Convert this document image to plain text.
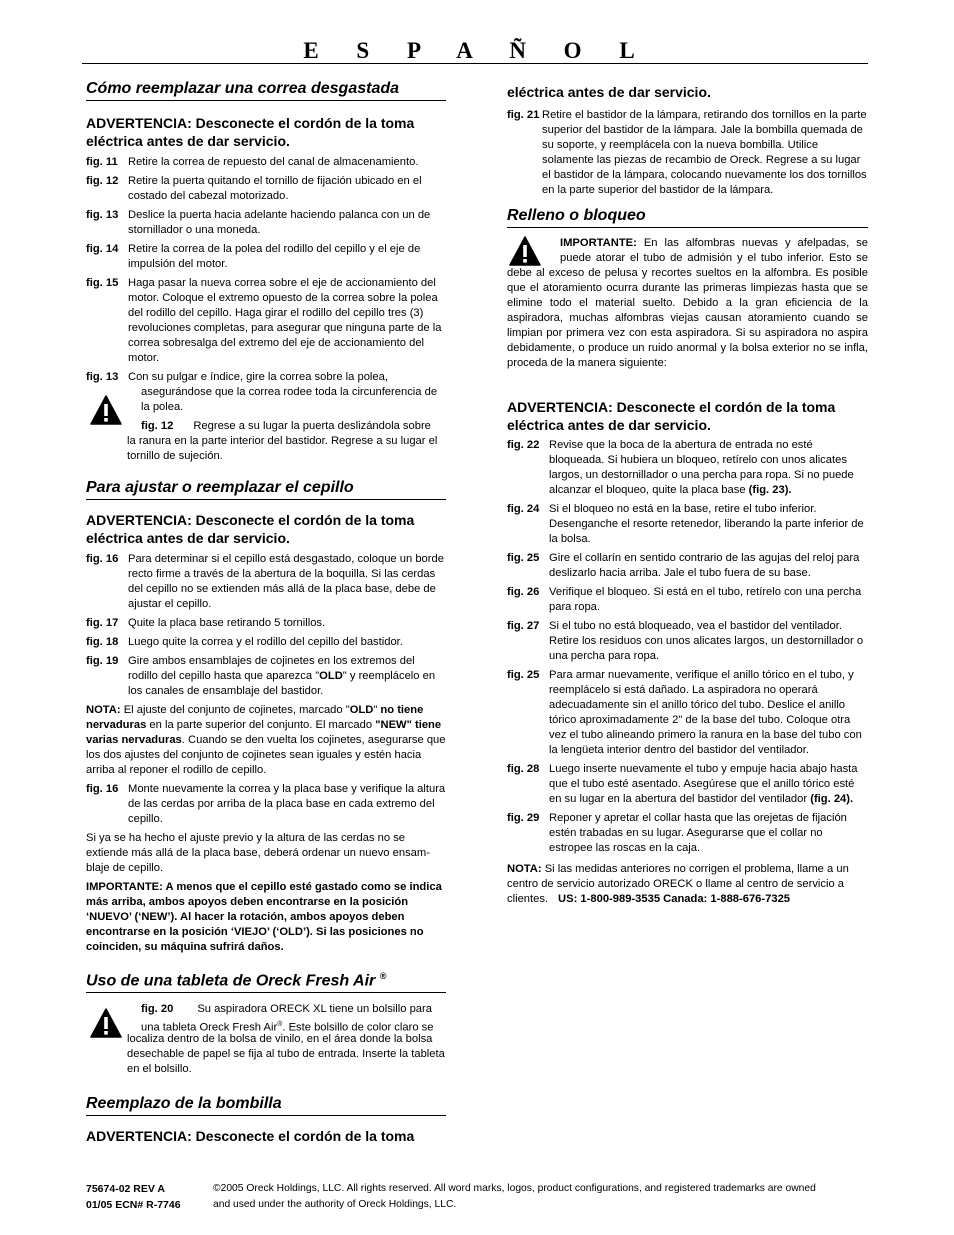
E S P A Ñ O L
Cómo reemplazar una correa desgastada

ADVERTENCIA: Desconecte el cordón de la toma eléctrica antes de dar servicio.

fig. 11 Retire la correa de repuesto del canal de almacenamiento.
fig. 12 Retire la puerta quitando el tornillo de fijación ubicado en el costado del cabezal motorizado.
fig. 13 Deslice la puerta hacia adelante haciendo palanca con un de stornillador o una moneda.
fig. 14 Retire la correa de la polea del rodillo del cepillo y el eje de impulsión del motor.
fig. 15 Haga pasar la nueva correa sobre el eje de accionamiento del motor. Coloque el extremo opuesto de la correa sobre la polea del rodillo del cepillo. Haga girar el rodillo del cepillo tres (3) revoluciones completas, para asegurar que ninguna parte de la correa sobresalga del extremo del eje de accionamiento del motor.
fig. 13 Con su pulgar e índice, gire la correa sobre la polea,
asegurándose que la correa rodee toda la circunferencia de la polea.
fig. 12 Regrese a su lugar la puerta deslizándola sobre
la ranura en la parte interior del bastidor. Regrese a su lugar el tornillo de sujeción.
Para ajustar o reemplazar el cepillo

ADVERTENCIA: Desconecte el cordón de la toma eléctrica antes de dar servicio.

fig. 16 Para determinar si el cepillo está desgastado, coloque un borde recto firme a través de la abertura de la boquilla. Si las cerdas del cepillo no se extienden más allá de la placa base, debe de ajustar el cepillo.
fig. 17 Quite la placa base retirando 5 tornillos.
fig. 18 Luego quite la correa y el rodillo del cepillo del bastidor.
fig. 19 Gire ambos ensamblajes de cojinetes en los extremos del rodillo del cepillo hasta que aparezca "OLD" y reemplácelo en los canales de ensamblaje del bastidor.

NOTA: El ajuste del conjunto de cojinetes, marcado "OLD" no tiene nervaduras en la parte superior del conjunto. El marcado "NEW" tiene varias nervaduras. Cuando se den vuelta los cojinetes, asegurarse que los dos ajustes del conjunto de cojinetes sean iguales y estén hacia arriba al reponer el rodillo de cepillo.

fig. 16 Monte nuevamente la correa y la placa base y verifique la altura de las cerdas por arriba de la placa base en cada extremo del cepillo.

Si ya se ha hecho el ajuste previo y la altura de las cerdas no se extiende más allá de la placa base, deberá ordenar un nuevo ensam-blaje de cepillo.

IMPORTANTE: A menos que el cepillo esté gastado como se indica más arriba, ambos apoyos deben encontrarse en la posición ‘NUEVO’ (‘NEW’). Al hacer la rotación, ambos apoyos deben encontrarse en la posición ‘VIEJO’ (‘OLD’). Si las posiciones no coinciden, su máquina sufrirá daños.

Uso de una tableta de Oreck Fresh Air ®
fig. 20 Su aspiradora ORECK XL tiene un bolsillo para
una tableta Oreck Fresh Air®. Este bolsillo de color claro se
localiza dentro de la bolsa de vinilo, en el área donde la bolsa desechable de papel se fija al tubo de entrada. Inserte la tableta en el bolsillo.
Reemplazo de la bombilla

ADVERTENCIA: Desconecte el cordón de la toma

eléctrica antes de dar servicio.

fig. 21 Retire el bastidor de la lámpara, retirando dos tornillos en la parte superior del bastidor de la lámpara. Jale la bombilla quemada de su soporte, y reemplácela con la nueva bombilla. Utilice solamente las piezas de recambio de Oreck. Regrese a su lugar el bastidor de la lámpara, colocando nuevamente los dos tornillos en la parte superior del bastidor de la lámpara.
Relleno o bloqueo

IMPORTANTE: En las alfombras nuevas y afelpadas, se puede atorar el tubo de admisión y el tubo inferior. Esto se debe al exceso de pelusa y recortes sueltos en la alfombra. Es posible que el atoramiento ocurra durante las primeras limpiezas hasta que se elimine todo el material suelto. Debido a la gran eficiencia de la aspiradora, muchas alfombras viejas causan atoramiento cuando se limpian por primera vez con esta aspiradora. Si su aspiradora no aspira debidamente, o produce un ruido anormal y la bolsa exterior no se infla, proceda de la manera siguiente:

ADVERTENCIA: Desconecte el cordón de la toma eléctrica antes de dar servicio.

fig. 22 Revise que la boca de la abertura de entrada no esté bloqueada. Si hubiera un bloqueo, retírelo con unos alicates largos, un destornillador o una percha para ropa. Si no puede alcanzar el bloqueo, quite la placa base (fig. 23).
fig. 24 Si el bloqueo no está en la base, retire el tubo inferior. Desenganche el resorte retenedor, liberando la parte inferior de la bolsa.
fig. 25 Gire el collarín en sentido contrario de las agujas del reloj para deslizarlo hacia arriba. Jale el tubo fuera de su base.
fig. 26 Verifique el bloqueo. Si está en el tubo, retírelo con una percha para ropa.
fig. 27 Si el tubo no está bloqueado, vea el bastidor del ventilador. Retire los residuos con unos alicates largos, un destornillador o una percha para ropa.
fig. 25 Para armar nuevamente, verifique el anillo tórico en el tubo, y reemplácelo si está dañado. La aspiradora no operará adecuadamente sin el anillo tórico del tubo. Deslice el anillo tórico aproximadamente 2" de la base del tubo. Coloque otra vez el tubo alineando primero la ranura en la base del tubo con la lengüeta interior dentro del bastidor del ventilador.
fig. 28 Luego inserte nuevamente el tubo y empuje hacia abajo hasta que el tubo esté asentado. Asegúrese que el anillo tórico esté en su lugar en la abertura del bastidor del ventilador (fig. 24).
fig. 29 Reponer y apretar el collar hasta que las orejetas de fijación estén trabadas en su lugar. Asegurarse que el collar no estropee las roscas en la caja.

NOTA: Si las medidas anteriores no corrigen el problema, llame a un centro de servicio autorizado ORECK o llame al centro de servicio a clientes. US: 1-800-989-3535 Canada: 1-888-676-7325

75674-02 REV A
01/05 ECN# R-7746
©2005 Oreck Holdings, LLC. All rights reserved. All word marks, logos, product configurations, and registered trademarks are owned
and used under the authority of Oreck Holdings, LLC.
